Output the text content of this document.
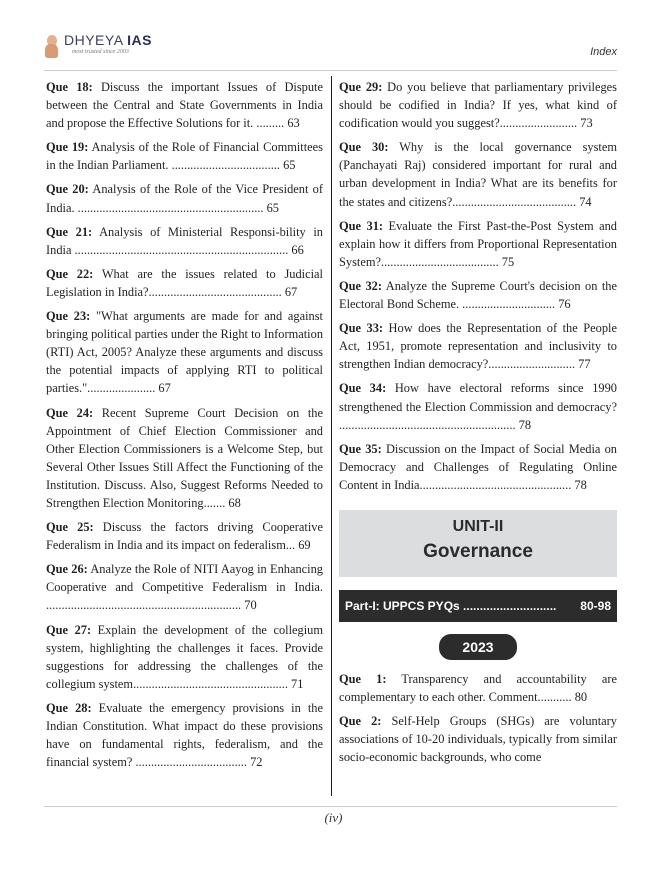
DHYEYA IAS
most trusted since 2003	Index

Que 18: Discuss the important Issues of Dispute between the Central and State Governments in India and propose the Effective Solutions for it. ......... 63

Que 19: Analysis of the Role of Financial Committees in the Indian Parliament. ................................... 65

Que 20: Analysis of the Role of the Vice President of India. ............................................................ 65

Que 21: Analysis of Ministerial Responsi-bility in India ..................................................................... 66

Que 22: What are the issues related to Judicial Legislation in India?........................................... 67

Que 23: "What arguments are made for and against bringing political parties under the Right to Information (RTI) Act, 2005? Analyze these arguments and discuss the potential impacts of applying RTI to political parties."...................... 67

Que 24: Recent Supreme Court Decision on the Appointment of Chief Election Commissioner and Other Election Commissioners is a Welcome Step, but Several Other Issues Still Affect the Functioning of the Institution. Discuss. Also, Suggest Reforms Needed to Strengthen Election Monitoring....... 68

Que 25: Discuss the factors driving Cooperative Federalism in India and its impact on federalism... 69

Que 26: Analyze the Role of NITI Aayog in Enhancing Cooperative and Competitive Federalism in India. ............................................................... 70

Que 27: Explain the development of the collegium system, highlighting the challenges it faces. Provide suggestions for addressing the challenges of the collegium system.................................................. 71

Que 28: Evaluate the emergency provisions in the Indian Constitution. What impact do these provisions have on fundamental rights, federalism, and the financial system? .................................... 72

Que 29: Do you believe that parliamentary privileges should be codified in India? If yes, what kind of codification would you suggest?......................... 73

Que 30: Why is the local governance system (Panchayati Raj) considered important for rural and urban development in India? What are its benefits for the states and citizens?........................................ 74

Que 31: Evaluate the First Past-the-Post System and explain how it differs from Proportional Representation System?...................................... 75

Que 32: Analyze the Supreme Court's decision on the Electoral Bond Scheme. .............................. 76

Que 33: How does the Representation of the People Act, 1951, promote representation and inclusivity to strengthen Indian democracy?............................ 77

Que 34: How have electoral reforms since 1990 strengthened the Election Commission and democracy? ......................................................... 78

Que 35: Discussion on the Impact of Social Media on Democracy and Challenges of Regulating Online Content in India................................................. 78

UNIT-II
Governance
Part-I: UPPCS PYQs ............................ 80-98
2023

Que 1: Transparency and accountability are complementary to each other. Comment........... 80

Que 2: Self-Help Groups (SHGs) are voluntary associations of 10-20 individuals, typically from similar socio-economic backgrounds, who come

(iv)
